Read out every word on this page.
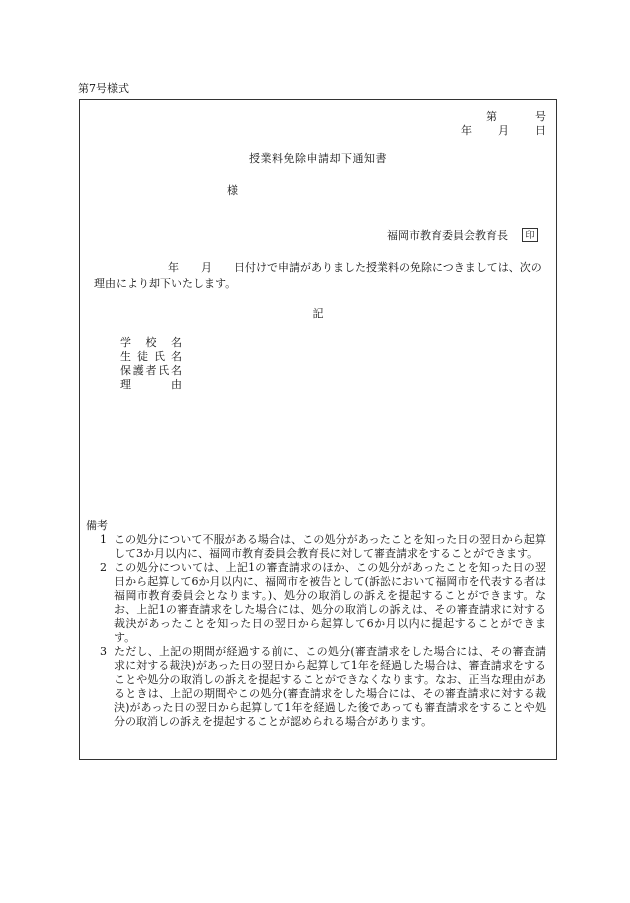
第7号様式
第	号
年 月 日
授業料免除申請却下通知書
様
福岡市教育委員会教育長	印
年 月 日付けで申請がありました授業料の免除につきましては、次の理由により却下いたします。
記
学校名
生徒氏名
保護者氏名
理由
備考
1 この処分について不服がある場合は、この処分があったことを知った日の翌日から起算して3か月以内に、福岡市教育委員会教育長に対して審査請求をすることができます。
2 この処分については、上記1の審査請求のほか、この処分があったことを知った日の翌日から起算して6か月以内に、福岡市を被告として(訴訟において福岡市を代表する者は福岡市教育委員会となります。)、処分の取消しの訴えを提起することができます。なお、上記1の審査請求をした場合には、処分の取消しの訴えは、その審査請求に対する裁決があったことを知った日の翌日から起算して6か月以内に提起することができます。
3 ただし、上記の期間が経過する前に、この処分(審査請求をした場合には、その審査請求に対する裁決)があった日の翌日から起算して1年を経過した場合は、審査請求をすることや処分の取消しの訴えを提起することができなくなります。なお、正当な理由があるときは、上記の期間やこの処分(審査請求をした場合には、その審査請求に対する裁決)があった日の翌日から起算して1年を経過した後であっても審査請求をすることや処分の取消しの訴えを提起することが認められる場合があります。
